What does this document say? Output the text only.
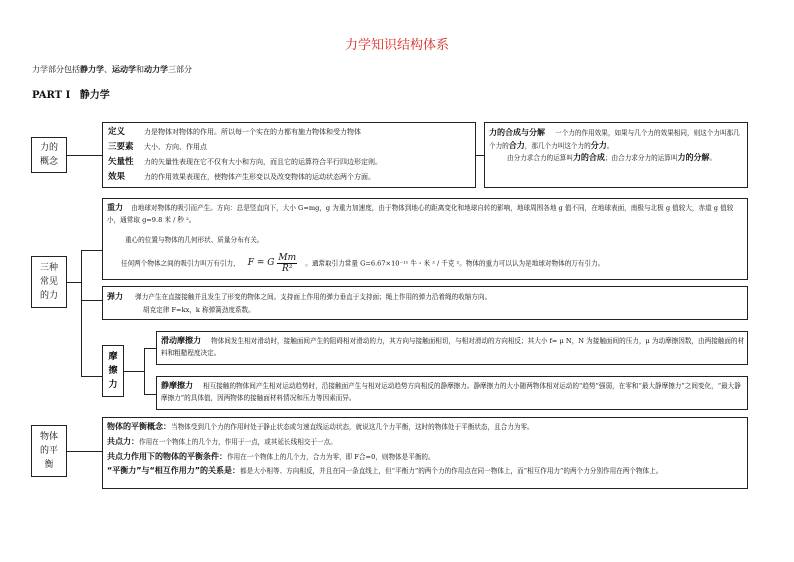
力学知识结构体系
力学部分包括静力学、运动学和动力学三部分
PART I 静力学
力的
概念
定义	力是物体对物体的作用。所以每一个实在的力都有施力物体和受力物体
三要素 大小、方向、作用点
矢量性 力的矢量性表现在它不仅有大小和方向，而且它的运算符合平行四边形定则。
效果	力的作用效果表现在，使物体产生形变以及改变物体的运动状态两个方面。
力的合成与分解 一个力的作用效果，如果与几个力的效果相同，则这个力叫那几个力的合力，那几个力叫这个力的分力。
由分力求合力的运算叫力的合成；由合力求分力的运算叫力的分解。
三种
常见
的力
重力 由地球对物体的吸引而产生。方向：总是竖直向下，大小 G=mg，g 为重力加速度，由于物体到地心的距离变化和地球自转的影响，地球周围各地 g 值不同，在地球表面，南极与北极 g 值较大，赤道 g 值较小，通常取 g=9.8 米 / 秒 ²。
重心的位置与物体的几何形状、质量分布有关。
任何两个物体之间的吸引力叫万有引力， F = G $\frac{Mm}{\text{R²}}$ 。通常取引力常量 G=6.67×10⁻¹¹ 牛・米 ² / 千克 ²。物体的重力可以认为是地球对物体的万有引力。
弹力 弹力产生在直接接触并且发生了形变的物体之间。支持面上作用的弹力垂直于支持面；绳上作用的弹力沿着绳的收缩方向。
胡克定律 F=kx，k 称弹簧劲度系数。
摩
擦
力
滑动摩擦力 物体间发生相对滑动时，接触面间产生的阻碍相对滑动的力，其方向与接触面相切，与相对滑动的方向相反；其大小 f= μ N，N 为接触面间的压力，μ 为动摩擦因数，由两接触面的材料和粗糙程度决定。
静摩擦力 相互接触的物体间产生相对运动趋势时，沿接触面产生与相对运动趋势方向相反的静摩擦力。静摩擦力的大小随两物体相对运动的“趋势”强弱，在零和“最大静摩擦力”之间变化，“最大静摩擦力”的具体值，因两物体的接触面材料情况和压力等因素而异。
物体
的平
衡
物体的平衡概念：当物体受到几个力的作用时处于静止状态或匀速直线运动状态，就说这几个力平衡，这时的物体处于平衡状态，且合力为零。
共点力：作用在一个物体上的几个力，作用于一点，或其延长线相交于一点。
共点力作用下的物体的平衡条件：作用在一个物体上的几个力，合力为零，即 F合=0，则物体是平衡的。
“平衡力”与“相互作用力”的关系是：都是大小相等、方向相反，并且在同一条直线上，但“平衡力”的两个力的作用点在同一物体上，而“相互作用力”的两个力分别作用在两个物体上。
